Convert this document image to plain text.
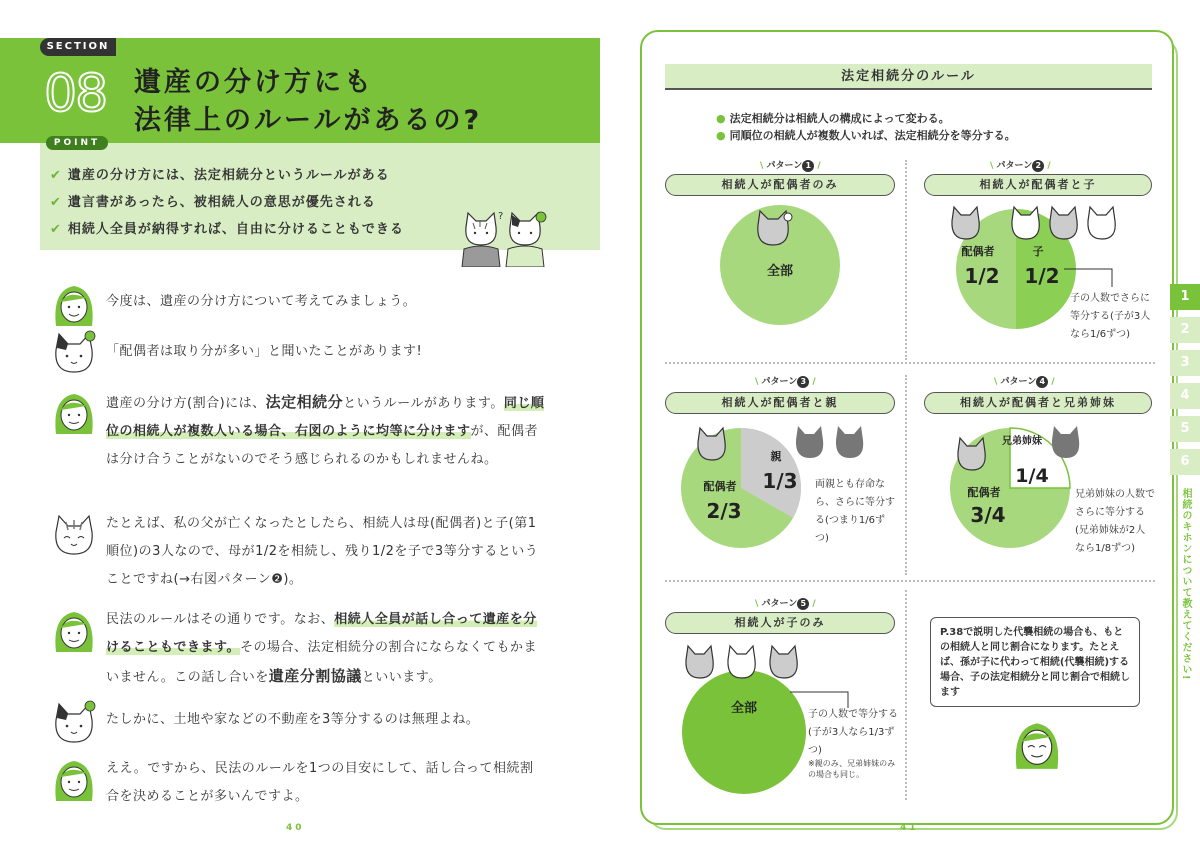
SECTION
08 遺産の分け方にも
法律上のルールがあるの?
POINT
✔ 遺産の分け方には、法定相続分というルールがある
✔ 遺言書があったら、被相続人の意思が優先される
✔ 相続人全員が納得すれば、自由に分けることもできる
?
今度は、遺産の分け方について考えてみましょう。
「配偶者は取り分が多い」と聞いたことがあります!
遺産の分け方(割合)には、法定相続分というルールがあります。同じ順位の相続人が複数人いる場合、右図のように均等に分けますが、配偶者は分け合うことがないのでそう感じられるのかもしれませんね。
たとえば、私の父が亡くなったとしたら、相続人は母(配偶者)と子(第1順位)の3人なので、母が1/2を相続し、残り1/2を子で3等分するということですね(→右図パターン❷)。
民法のルールはその通りです。なお、相続人全員が話し合って遺産を分けることもできます。その場合、法定相続分の割合にならなくてもかまいません。この話し合いを遺産分割協議といいます。
たしかに、土地や家などの不動産を3等分するのは無理よね。
ええ。ですから、民法のルールを1つの目安にして、話し合って相続割合を決めることが多いんですよ。
40
法定相続分のルール
● 法定相続分は相続人の構成によって変わる。
● 同順位の相続人が複数人いれば、法定相続分を等分する。
\ パターン 1 /
相続人が配偶者のみ
全部
\ パターン 2 /
相続人が配偶者と子
配偶者
1/2
子
1/2
子の人数でさらに等分する(子が3人なら1/6ずつ)
\ パターン 3 /
相続人が配偶者と親
配偶者
2/3
親
1/3 両親とも存命なら、さらに等分する(つまり1/6ずつ)
\ パターン 4 /
相続人が配偶者と兄弟姉妹
兄弟姉妹
1/4
配偶者
3/4
兄弟姉妹の人数でさらに等分する(兄弟姉妹が2人なら1/8ずつ)
\ パターン 5 /
相続人が子のみ
全部	子の人数で等分する(子が3人なら1/3ずつ)
※親のみ、兄弟姉妹のみの場合も同じ。
P.38で説明した代襲相続の場合も、もとの相続人と同じ割合になります。たとえば、孫が子に代わって相続(代襲相続)する場合、子の法定相続分と同じ割合で相続します
41
1
2
3
4
5
6
相続のキホンについて教えてください!
